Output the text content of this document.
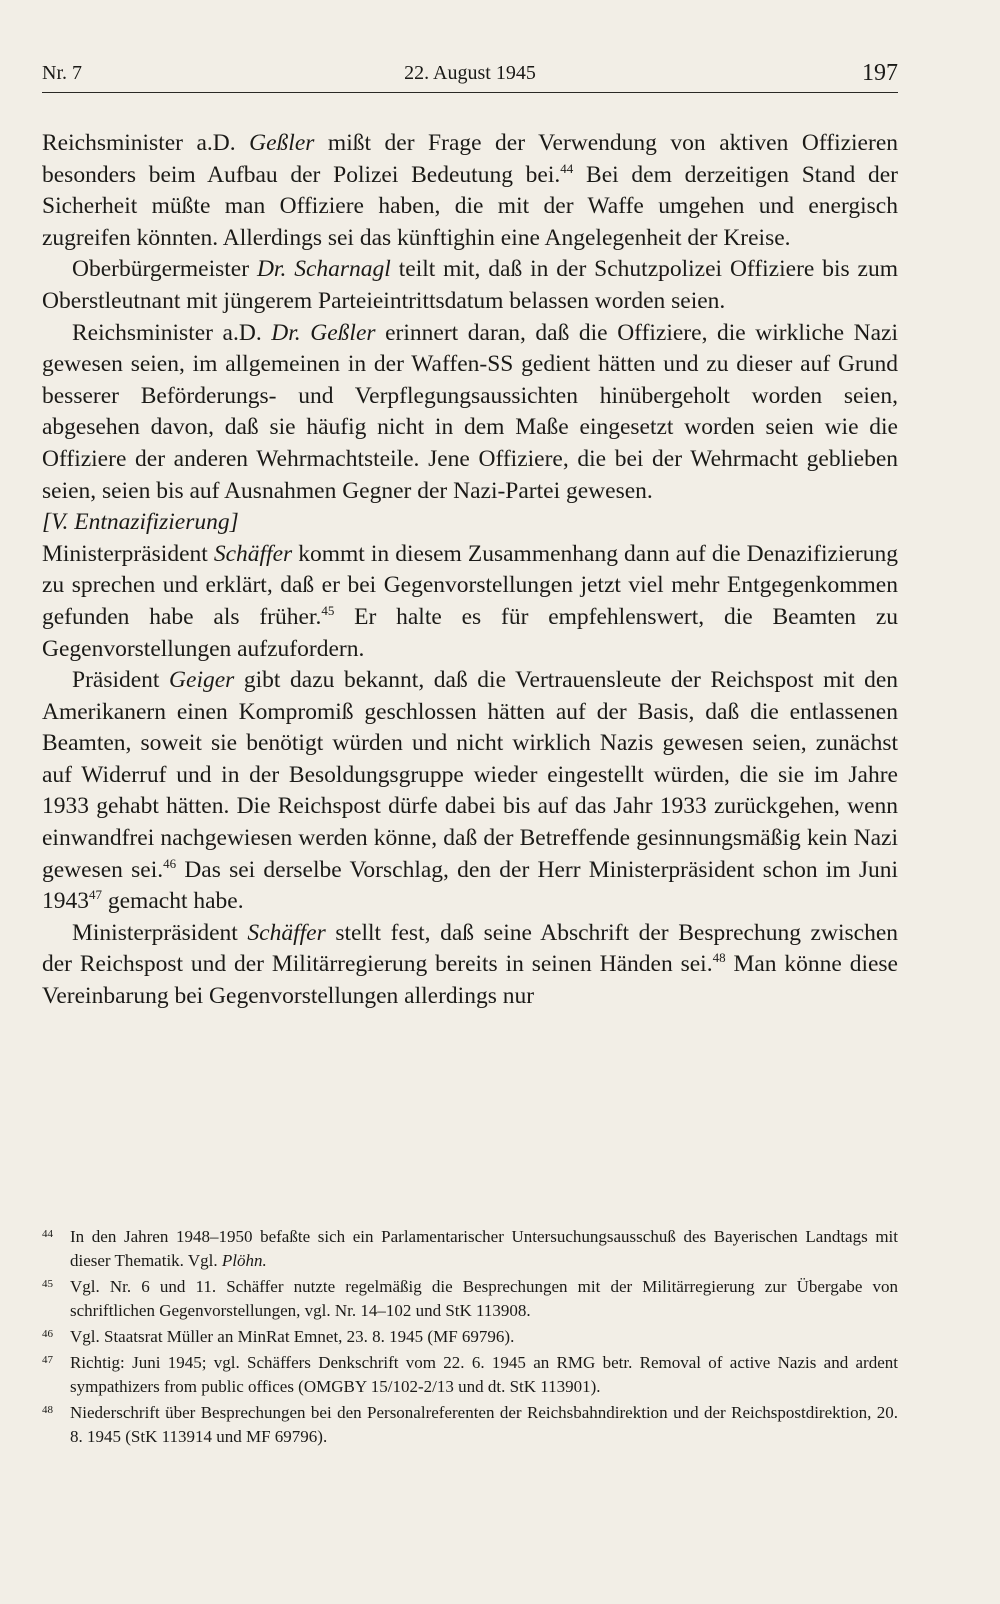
Nr. 7	22. August 1945	197

Reichsminister a.D. Geßler mißt der Frage der Verwendung von aktiven Offizieren besonders beim Aufbau der Polizei Bedeutung bei.$^{44}$ Bei dem derzeitigen Stand der Sicherheit müßte man Offiziere haben, die mit der Waffe umgehen und energisch zugreifen könnten. Allerdings sei das künftighin eine Angelegenheit der Kreise.

Oberbürgermeister Dr. Scharnagl teilt mit, daß in der Schutzpolizei Offiziere bis zum Oberstleutnant mit jüngerem Parteieintrittsdatum belassen worden seien.

Reichsminister a.D. Dr. Geßler erinnert daran, daß die Offiziere, die wirkliche Nazi gewesen seien, im allgemeinen in der Waffen-SS gedient hätten und zu dieser auf Grund besserer Beförderungs- und Verpflegungsaussichten hinübergeholt worden seien, abgesehen davon, daß sie häufig nicht in dem Maße eingesetzt worden seien wie die Offiziere der anderen Wehrmachtsteile. Jene Offiziere, die bei der Wehrmacht geblieben seien, seien bis auf Ausnahmen Gegner der Nazi-Partei gewesen.

[V. Entnazifizierung]

Ministerpräsident Schäffer kommt in diesem Zusammenhang dann auf die Denazifizierung zu sprechen und erklärt, daß er bei Gegenvorstellungen jetzt viel mehr Entgegenkommen gefunden habe als früher.$^{45}$ Er halte es für empfehlenswert, die Beamten zu Gegenvorstellungen aufzufordern.

Präsident Geiger gibt dazu bekannt, daß die Vertrauensleute der Reichspost mit den Amerikanern einen Kompromiß geschlossen hätten auf der Basis, daß die entlassenen Beamten, soweit sie benötigt würden und nicht wirklich Nazis gewesen seien, zunächst auf Widerruf und in der Besoldungsgruppe wieder eingestellt würden, die sie im Jahre 1933 gehabt hätten. Die Reichspost dürfe dabei bis auf das Jahr 1933 zurückgehen, wenn einwandfrei nachgewiesen werden könne, daß der Betreffende gesinnungsmäßig kein Nazi gewesen sei.$^{46}$ Das sei derselbe Vorschlag, den der Herr Ministerpräsident schon im Juni 1943$^{47}$ gemacht habe.

Ministerpräsident Schäffer stellt fest, daß seine Abschrift der Besprechung zwischen der Reichspost und der Militärregierung bereits in seinen Händen sei.$^{48}$ Man könne diese Vereinbarung bei Gegenvorstellungen allerdings nur

44 In den Jahren 1948–1950 befaßte sich ein Parlamentarischer Untersuchungsausschuß des Bayerischen Landtags mit dieser Thematik. Vgl. Plöhn.
45 Vgl. Nr. 6 und 11. Schäffer nutzte regelmäßig die Besprechungen mit der Militärregierung zur Übergabe von schriftlichen Gegenvorstellungen, vgl. Nr. 14–102 und StK 113908.
46 Vgl. Staatsrat Müller an MinRat Emnet, 23. 8. 1945 (MF 69796).
47 Richtig: Juni 1945; vgl. Schäffers Denkschrift vom 22. 6. 1945 an RMG betr. Removal of active Nazis and ardent sympathizers from public offices (OMGBY 15/102-2/13 und dt. StK 113901).
48 Niederschrift über Besprechungen bei den Personalreferenten der Reichsbahndirektion und der Reichspostdirektion, 20. 8. 1945 (StK 113914 und MF 69796).
